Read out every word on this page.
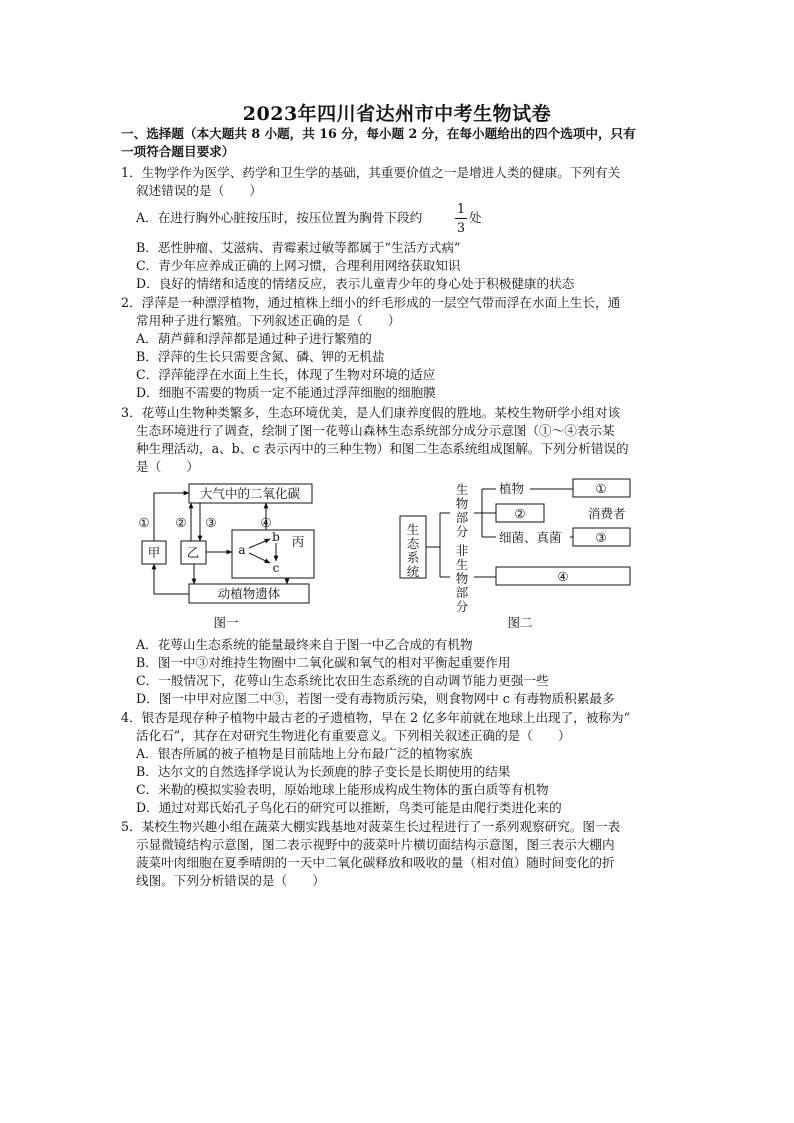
2023年四川省达州市中考生物试卷
一、选择题（本大题共 8 小题，共 16 分，每小题 2 分，在每小题给出的四个选项中，只有
一项符合题目要求）
1．生物学作为医学、药学和卫生学的基础，其重要价值之一是增进人类的健康。下列有关
叙述错误的是（　　）
A．在进行胸外心脏按压时，按压位置为胸骨下段约
1
3
处
B．恶性肿瘤、艾滋病、青霉素过敏等都属于“生活方式病”
C．青少年应养成正确的上网习惯，合理利用网络获取知识
D．良好的情绪和适度的情绪反应，表示儿童青少年的身心处于积极健康的状态
2．浮萍是一种漂浮植物，通过植株上细小的纤毛形成的一层空气带而浮在水面上生长，通
常用种子进行繁殖。下列叙述正确的是（　　）
A．葫芦藓和浮萍都是通过种子进行繁殖的
B．浮萍的生长只需要含氮、磷、钾的无机盐
C．浮萍能浮在水面上生长，体现了生物对环境的适应
D．细胞不需要的物质一定不能通过浮萍细胞的细胞膜
3．花萼山生物种类繁多，生态环境优美，是人们康养度假的胜地。某校生物研学小组对该
生态环境进行了调查，绘制了图一花萼山森林生态系统部分成分示意图（①～④表示某
种生理活动，a、b、c 表示丙中的三种生物）和图二生态系统组成图解。下列分析错误的
是（　　）
大气中的二氧化碳
动植物遗体
甲 乙
丙
a
b
c
① ② ③	④
图一
生
态
系
统
生
物
部
分
非
生
物
部
分
植物	①
②	消费者
细菌、真菌	③
④
图二
A．花萼山生态系统的能量最终来自于图一中乙合成的有机物
B．图一中③对维持生物圈中二氧化碳和氧气的相对平衡起重要作用
C．一般情况下，花萼山生态系统比农田生态系统的自动调节能力更强一些
D．图一中甲对应图二中③，若图一受有毒物质污染，则食物网中 c 有毒物质积累最多
4．银杏是现存种子植物中最古老的孑遗植物，早在 2 亿多年前就在地球上出现了，被称为“
活化石”，其存在对研究生物进化有重要意义。下列相关叙述正确的是（　　）
A．银杏所属的被子植物是目前陆地上分布最广泛的植物家族
B．达尔文的自然选择学说认为长颈鹿的脖子变长是长期使用的结果
C．米勒的模拟实验表明，原始地球上能形成构成生物体的蛋白质等有机物
D．通过对郑氏始孔子鸟化石的研究可以推断，鸟类可能是由爬行类进化来的
5．某校生物兴趣小组在蔬菜大棚实践基地对菠菜生长过程进行了一系列观察研究。图一表
示显微镜结构示意图，图二表示视野中的菠菜叶片横切面结构示意图，图三表示大棚内
菠菜叶肉细胞在夏季晴朗的一天中二氧化碳释放和吸收的量（相对值）随时间变化的折
线图。下列分析错误的是（　　）
